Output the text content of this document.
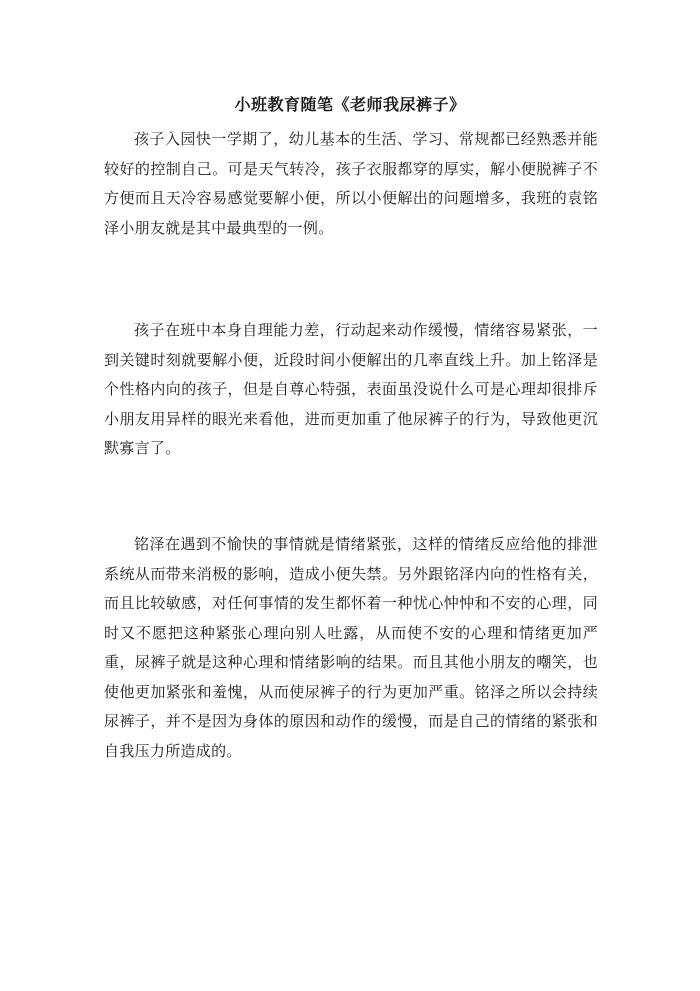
小班教育随笔《老师我尿裤子》

孩子入园快一学期了，幼儿基本的生活、学习、常规都已经熟悉并能较好的控制自己。可是天气转冷，孩子衣服都穿的厚实，解小便脱裤子不方便而且天冷容易感觉要解小便，所以小便解出的问题增多，我班的袁铭泽小朋友就是其中最典型的一例。

孩子在班中本身自理能力差，行动起来动作缓慢，情绪容易紧张，一到关键时刻就要解小便，近段时间小便解出的几率直线上升。加上铭泽是个性格内向的孩子，但是自尊心特强，表面虽没说什么可是心理却很排斥小朋友用异样的眼光来看他，进而更加重了他尿裤子的行为，导致他更沉默寡言了。

铭泽在遇到不愉快的事情就是情绪紧张，这样的情绪反应给他的排泄系统从而带来消极的影响，造成小便失禁。另外跟铭泽内向的性格有关，而且比较敏感，对任何事情的发生都怀着一种忧心忡忡和不安的心理，同时又不愿把这种紧张心理向别人吐露，从而使不安的心理和情绪更加严重，尿裤子就是这种心理和情绪影响的结果。而且其他小朋友的嘲笑，也使他更加紧张和羞愧，从而使尿裤子的行为更加严重。铭泽之所以会持续尿裤子，并不是因为身体的原因和动作的缓慢，而是自己的情绪的紧张和自我压力所造成的。
